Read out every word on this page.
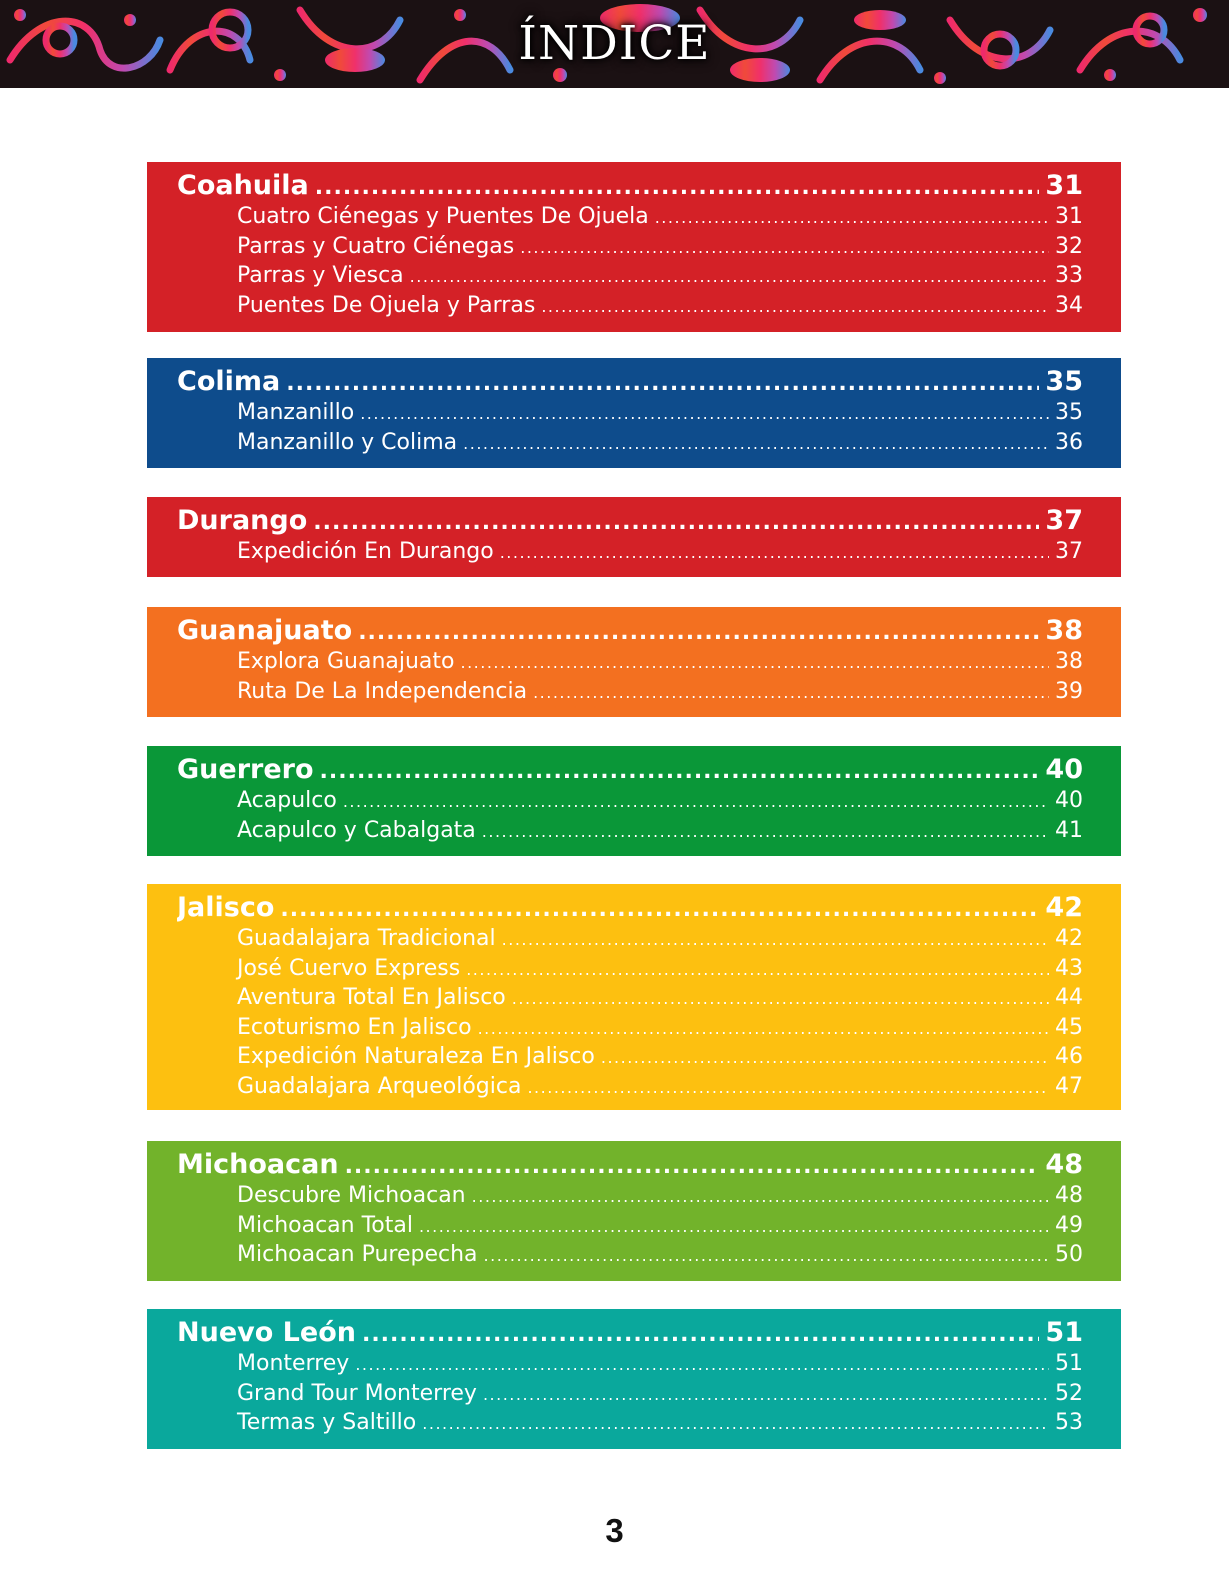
ÍNDICE
Coahuila .....	31
Cuatro Ciénegas y Puentes De Ojuela .....	31
Parras y Cuatro Ciénegas .....	32
Parras y Viesca .....	33
Puentes De Ojuela y Parras .....	34
Colima .....	35
Manzanillo .....	35
Manzanillo y Colima .....	36
Durango .....	37
Expedición En Durango .....	37
Guanajuato .....	38
Explora Guanajuato .....	38
Ruta De La Independencia .....	39
Guerrero .....	40
Acapulco .....	40
Acapulco y Cabalgata .....	41
Jalisco .....	42
Guadalajara Tradicional .....	42
José Cuervo Express .....	43
Aventura Total En Jalisco .....	44
Ecoturismo En Jalisco .....	45
Expedición Naturaleza En Jalisco .....	46
Guadalajara Arqueológica .....	47
Michoacan .....	48
Descubre Michoacan .....	48
Michoacan Total .....	49
Michoacan Purepecha .....	50
Nuevo León .....	51
Monterrey .....	51
Grand Tour Monterrey .....	52
Termas y Saltillo .....	53
3
